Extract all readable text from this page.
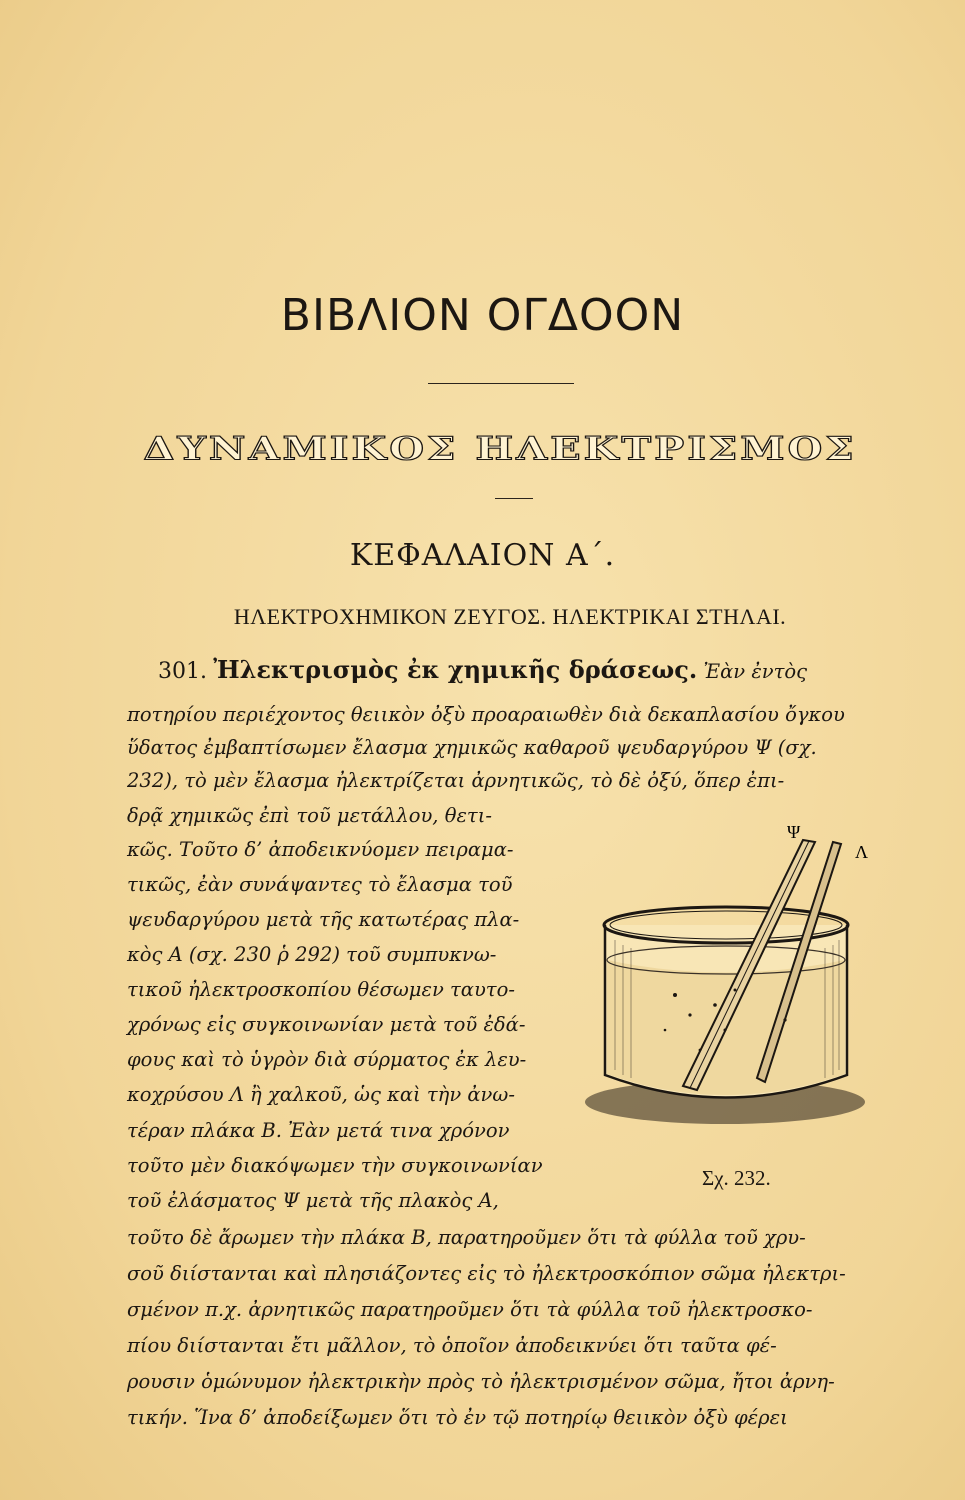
ΒΙΒΛΙΟΝ ΟΓΔΟΟΝ
ΔΥΝΑΜΙΚΟΣ ΗΛΕΚΤΡΙΣΜΟΣ
ΚΕΦΑΛΑΙΟΝ Α΄.
ΗΛΕΚΤΡΟΧΗΜΙΚΟΝ ΖΕΥΓΟΣ. ΗΛΕΚΤΡΙΚΑΙ ΣΤΗΛΑΙ.
301. Ἠλεκτρισμὸς ἐκ χημικῆς δράσεως. Ἐὰν ἐντὸς
ποτηρίου περιέχοντος θειικὸν ὀξὺ προαραιωθὲν διὰ δεκαπλασίου ὄγκου
ὕδατος ἐμβαπτίσωμεν ἔλασμα χημικῶς καθαροῦ ψευδαργύρου Ψ (σχ.
232), τὸ μὲν ἔλασμα ἠλεκτρίζεται ἀρνητικῶς, τὸ δὲ ὀξύ, ὅπερ ἐπι-
δρᾷ χημικῶς ἐπὶ τοῦ μετάλλου, θετι-
κῶς. Τοῦτο δ’ ἀποδεικνύομεν πειραμα-
τικῶς, ἐὰν συνάψαντες τὸ ἔλασμα τοῦ
ψευδαργύρου μετὰ τῆς κατωτέρας πλα-
κὸς Α (σχ. 230 ῥ 292) τοῦ συμπυκνω-
τικοῦ ἠλεκτροσκοπίου θέσωμεν ταυτο-
χρόνως εἰς συγκοινωνίαν μετὰ τοῦ ἐδά-
φους καὶ τὸ ὑγρὸν διὰ σύρματος ἐκ λευ-
κοχρύσου Λ ἢ χαλκοῦ, ὡς καὶ τὴν ἀνω-
τέραν πλάκα Β. Ἐὰν μετά τινα χρόνον
τοῦτο μὲν διακόψωμεν τὴν συγκοινωνίαν
τοῦ ἐλάσματος Ψ μετὰ τῆς πλακὸς Α,
τοῦτο δὲ ἄρωμεν τὴν πλάκα Β, παρατηροῦμεν ὅτι τὰ φύλλα τοῦ χρυ-
σοῦ διίστανται καὶ πλησιάζοντες εἰς τὸ ἠλεκτροσκόπιον σῶμα ἠλεκτρι-
σμένον π.χ. ἀρνητικῶς παρατηροῦμεν ὅτι τὰ φύλλα τοῦ ἠλεκτροσκο-
πίου διίστανται ἔτι μᾶλλον, τὸ ὁποῖον ἀποδεικνύει ὅτι ταῦτα φέ-
ρουσιν ὁμώνυμον ἠλεκτρικὴν πρὸς τὸ ἠλεκτρισμένον σῶμα, ἤτοι ἀρνη-
τικήν. Ἵνα δ’ ἀποδείξωμεν ὅτι τὸ ἐν τῷ ποτηρίῳ θειικὸν ὀξὺ φέρει
Ψ
Λ
Σχ. 232.
